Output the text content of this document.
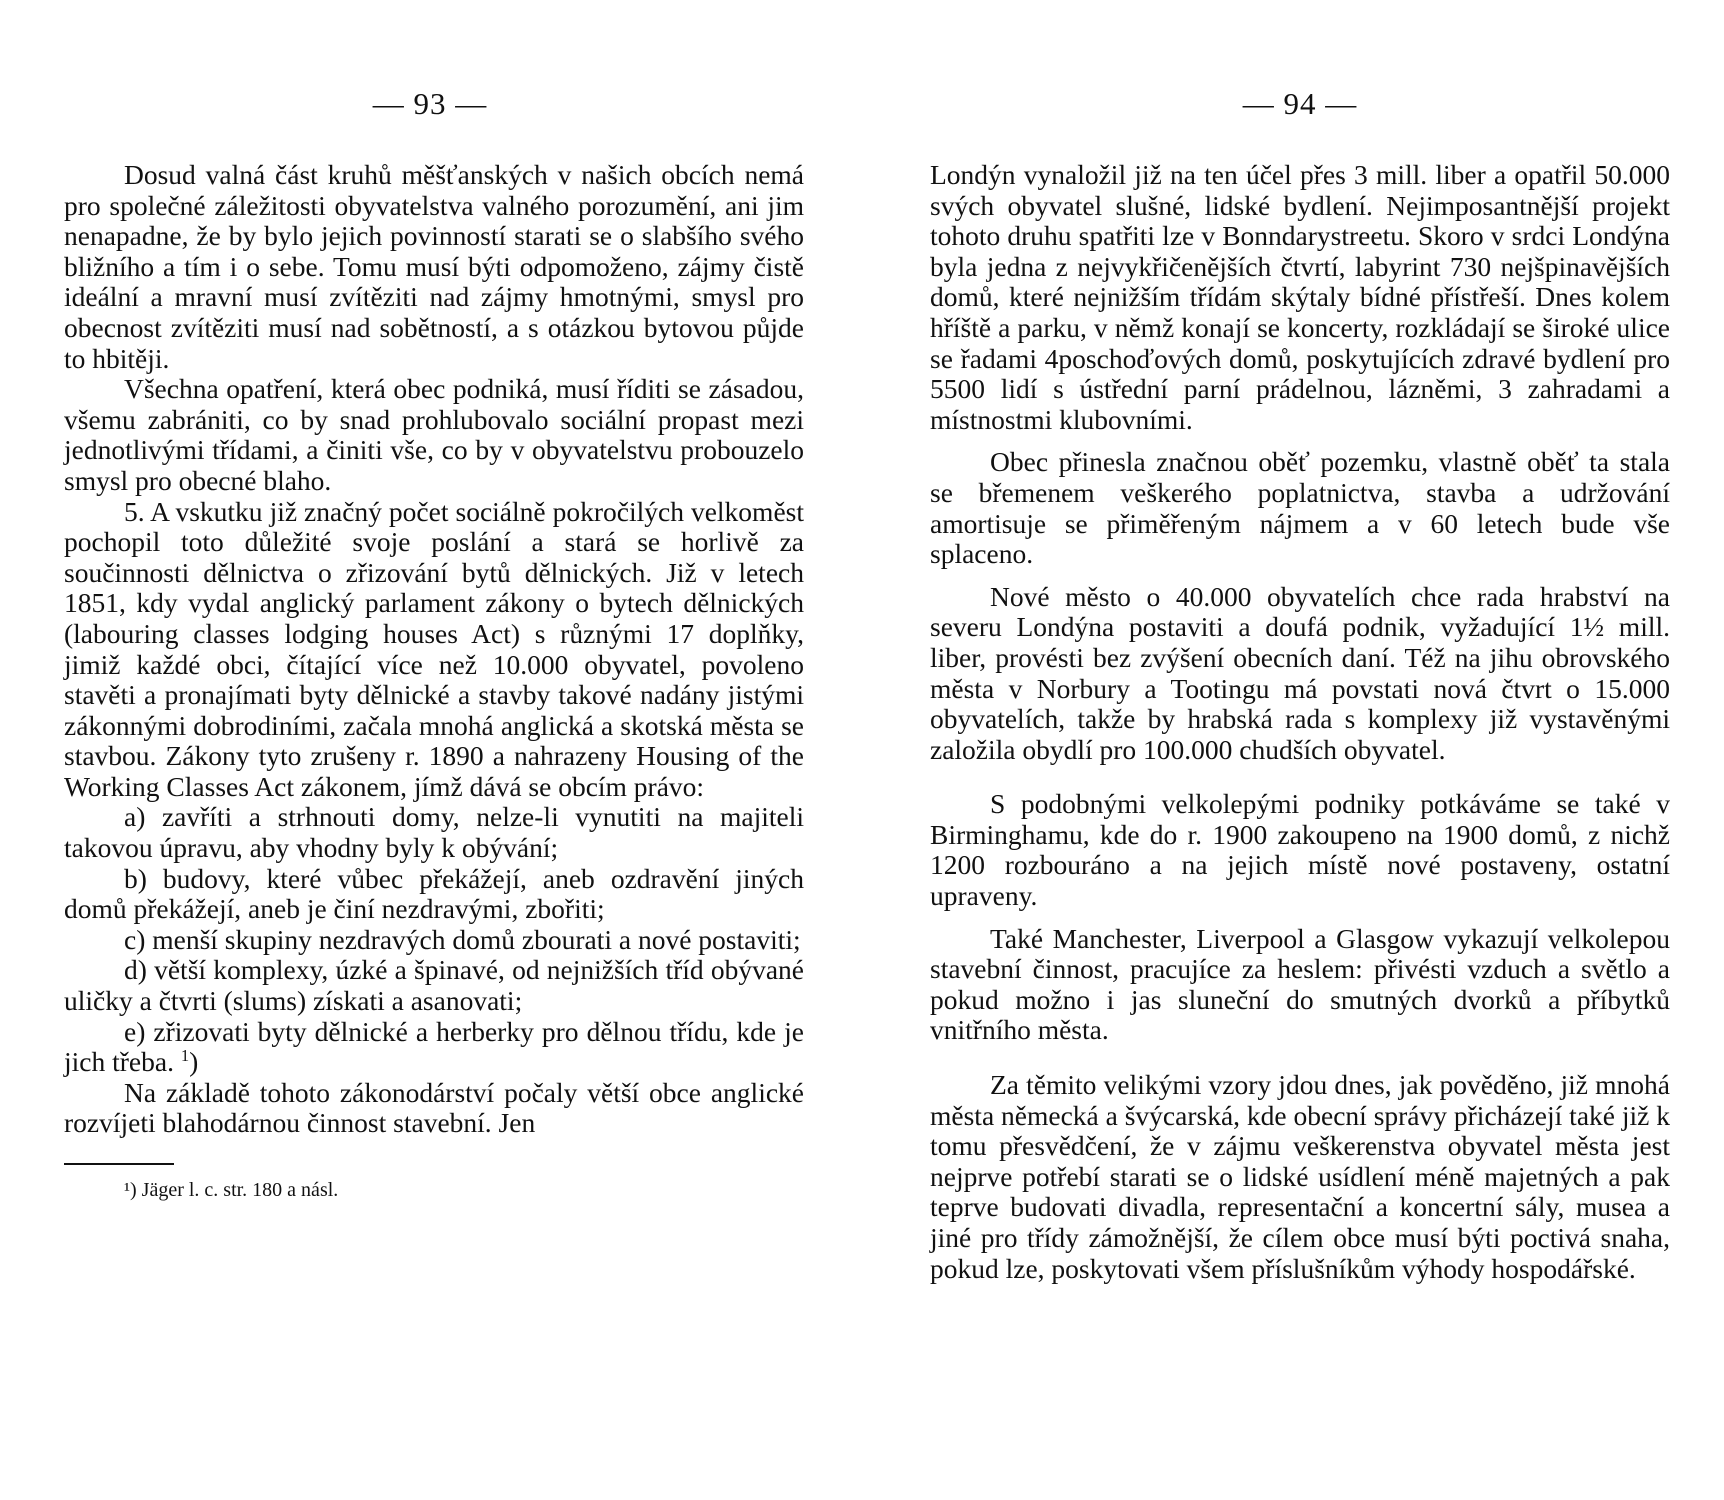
— 93 —

Dosud valná část kruhů měšťanských v našich obcích nemá pro společné záležitosti obyvatelstva valného porozumění, ani jim nenapadne, že by bylo jejich povinností starati se o slabšího svého bližního a tím i o sebe. Tomu musí býti odpomoženo, zájmy čistě ideální a mravní musí zvítěziti nad zájmy hmotnými, smysl pro obecnost zvítěziti musí nad sobětností, a s otázkou bytovou půjde to hbitěji.

Všechna opatření, která obec podniká, musí říditi se zásadou, všemu zabrániti, co by snad prohlubovalo sociální propast mezi jednotlivými třídami, a činiti vše, co by v obyvatelstvu probouzelo smysl pro obecné blaho.

5. A vskutku již značný počet sociálně pokročilých velkoměst pochopil toto důležité svoje poslání a stará se horlivě za součinnosti dělnictva o zřizování bytů dělnických. Již v letech 1851, kdy vydal anglický parlament zákony o bytech dělnických (labouring classes lodging houses Act) s různými 17 doplňky, jimiž každé obci, čítající více než 10.000 obyvatel, povoleno stavěti a pronajímati byty dělnické a stavby takové nadány jistými zákonnými dobrodiními, začala mnohá anglická a skotská města se stavbou. Zákony tyto zrušeny r. 1890 a nahrazeny Housing of the Working Classes Act zákonem, jímž dává se obcím právo:

a) zavříti a strhnouti domy, nelze-li vynutiti na majiteli takovou úpravu, aby vhodny byly k obývání;

b) budovy, které vůbec překážejí, aneb ozdravění jiných domů překážejí, aneb je činí nezdravými, zbořiti;

c) menší skupiny nezdravých domů zbourati a nové postaviti;

d) větší komplexy, úzké a špinavé, od nejnižších tříd obývané uličky a čtvrti (slums) získati a asanovati;

e) zřizovati byty dělnické a herberky pro dělnou třídu, kde je jich třeba. $^1$)

Na základě tohoto zákonodárství počaly větší obce anglické rozvíjeti blahodárnou činnost stavební. Jen

¹) Jäger l. c. str. 180 a násl.
— 94 —

Londýn vynaložil již na ten účel přes 3 mill. liber a opatřil 50.000 svých obyvatel slušné, lidské bydlení. Nejimposantnější projekt tohoto druhu spatřiti lze v Bonndarystreetu. Skoro v srdci Londýna byla jedna z nejvykřičenějších čtvrtí, labyrint 730 nejšpinavějších domů, které nejnižším třídám skýtaly bídné přístřeší. Dnes kolem hříště a parku, v němž konají se koncerty, rozkládají se široké ulice se řadami 4poschoďových domů, poskytujících zdravé bydlení pro 5500 lidí s ústřední parní prádelnou, lázněmi, 3 zahradami a místnostmi klubovními.

Obec přinesla značnou oběť pozemku, vlastně oběť ta stala se břemenem veškerého poplatnictva, stavba a udržování amortisuje se přiměřeným nájmem a v 60 letech bude vše splaceno.

Nové město o 40.000 obyvatelích chce rada hrabství na severu Londýna postaviti a doufá podnik, vyžadující 1½ mill. liber, provésti bez zvýšení obecních daní. Též na jihu obrovského města v Norbury a Tootingu má povstati nová čtvrt o 15.000 obyvatelích, takže by hrabská rada s komplexy již vystavěnými založila obydlí pro 100.000 chudších obyvatel.

S podobnými velkolepými podniky potkáváme se také v Birminghamu, kde do r. 1900 zakoupeno na 1900 domů, z nichž 1200 rozbouráno a na jejich místě nové postaveny, ostatní upraveny.

Také Manchester, Liverpool a Glasgow vykazují velkolepou stavební činnost, pracujíce za heslem: přivésti vzduch a světlo a pokud možno i jas sluneční do smutných dvorků a příbytků vnitřního města.

Za těmito velikými vzory jdou dnes, jak pověděno, již mnohá města německá a švýcarská, kde obecní správy přicházejí také již k tomu přesvědčení, že v zájmu veškerenstva obyvatel města jest nejprve potřebí starati se o lidské usídlení méně majetných a pak teprve budovati divadla, representační a koncertní sály, musea a jiné pro třídy zámožnější, že cílem obce musí býti poctivá snaha, pokud lze, poskytovati všem příslušníkům výhody hospodářské.
